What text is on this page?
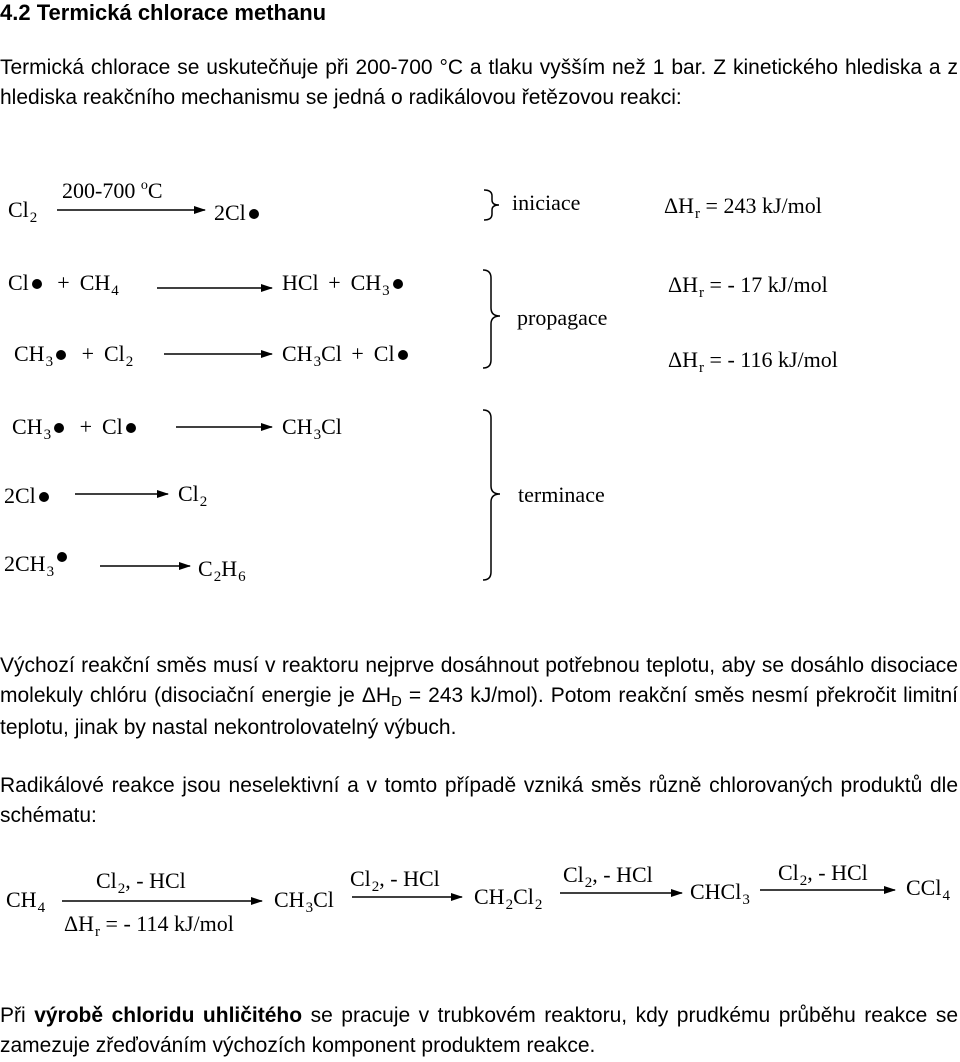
4.2 Termická chlorace methanu
Termická chlorace se uskutečňuje při 200-700 °C a tlaku vyšším než 1 bar. Z kinetického hlediska a z hlediska reakčního mechanismu se jedná o radikálovou řetězovou reakci:
$Cl_2$
200-700 $^o$C
2Cl	iniciace	$\Delta H_r = 243$ kJ/mol
$Cl + CH_4$	HCl + $CH_3$	$\Delta H_r$ = - 17 kJ/mol
propagace
$CH_3 + Cl_2$	$CH_3Cl + Cl$	$\Delta H_r$ = - 116 kJ/mol
$CH_3 + Cl$	$CH_3Cl$
2Cl	$Cl_2$	terminace
$2CH_3$	$C_2H_6$
Výchozí reakční směs musí v reaktoru nejprve dosáhnout potřebnou teplotu, aby se dosáhlo disociace molekuly chlóru (disociační energie je ΔHD = 243 kJ/mol). Potom reakční směs nesmí překročit limitní teplotu, jinak by nastal nekontrolovatelný výbuch.
Radikálové reakce jsou neselektivní a v tomto případě vzniká směs různě chlorovaných produktů dle schématu:
$CH_4$
$Cl_2$, - HCl
$\Delta H_r$ = - 114 kJ/mol
$CH_3Cl$
$Cl_2$, - HCl
$CH_2Cl_2$
$Cl_2$, - HCl
CHCl$_3$
$Cl_2$, - HCl
CCl$_4$
Při výrobě chloridu uhličitého se pracuje v trubkovém reaktoru, kdy prudkému průběhu reakce se zamezuje zřeďováním výchozích komponent produktem reakce.
